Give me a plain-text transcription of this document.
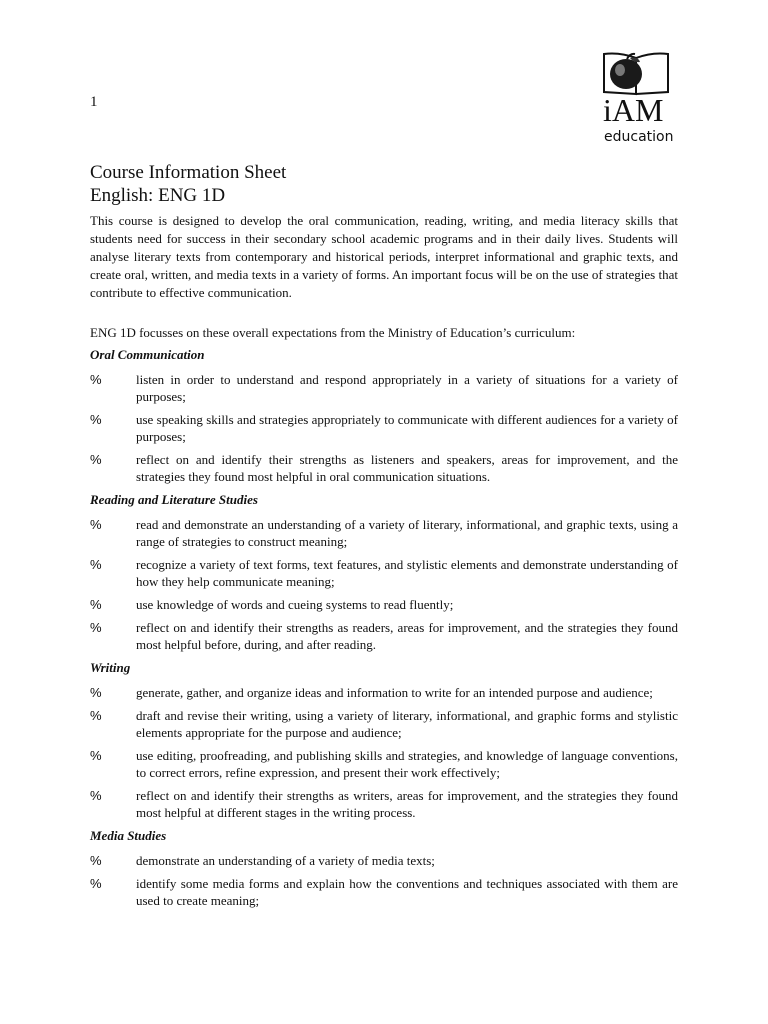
1	iAM
education
Course Information Sheet
English: ENG 1D
This course is designed to develop the oral communication, reading, writing, and media literacy skills that students need for success in their secondary school academic programs and in their daily lives. Students will analyse literary texts from contemporary and historical periods, interpret informational and graphic texts, and create oral, written, and media texts in a variety of forms. An important focus will be on the use of strategies that contribute to effective communication.
ENG 1D focusses on these overall expectations from the Ministry of Education’s curriculum:
Oral Communication
%	listen in order to understand and respond appropriately in a variety of situations for a variety of purposes;
%	use speaking skills and strategies appropriately to communicate with different audiences for a variety of purposes;
%	reflect on and identify their strengths as listeners and speakers, areas for improvement, and the strategies they found most helpful in oral communication situations.
Reading and Literature Studies
%	read and demonstrate an understanding of a variety of literary, informational, and graphic texts, using a range of strategies to construct meaning;
%	recognize a variety of text forms, text features, and stylistic elements and demonstrate understanding of how they help communicate meaning;
%	use knowledge of words and cueing systems to read fluently;
%	reflect on and identify their strengths as readers, areas for improvement, and the strategies they found most helpful before, during, and after reading.
Writing
%	generate, gather, and organize ideas and information to write for an intended purpose and audience;
%	draft and revise their writing, using a variety of literary, informational, and graphic forms and stylistic elements appropriate for the purpose and audience;
%	use editing, proofreading, and publishing skills and strategies, and knowledge of language conventions, to correct errors, refine expression, and present their work effectively;
%	reflect on and identify their strengths as writers, areas for improvement, and the strategies they found most helpful at different stages in the writing process.
Media Studies
%	demonstrate an understanding of a variety of media texts;
%	identify some media forms and explain how the conventions and techniques associated with them are used to create meaning;
